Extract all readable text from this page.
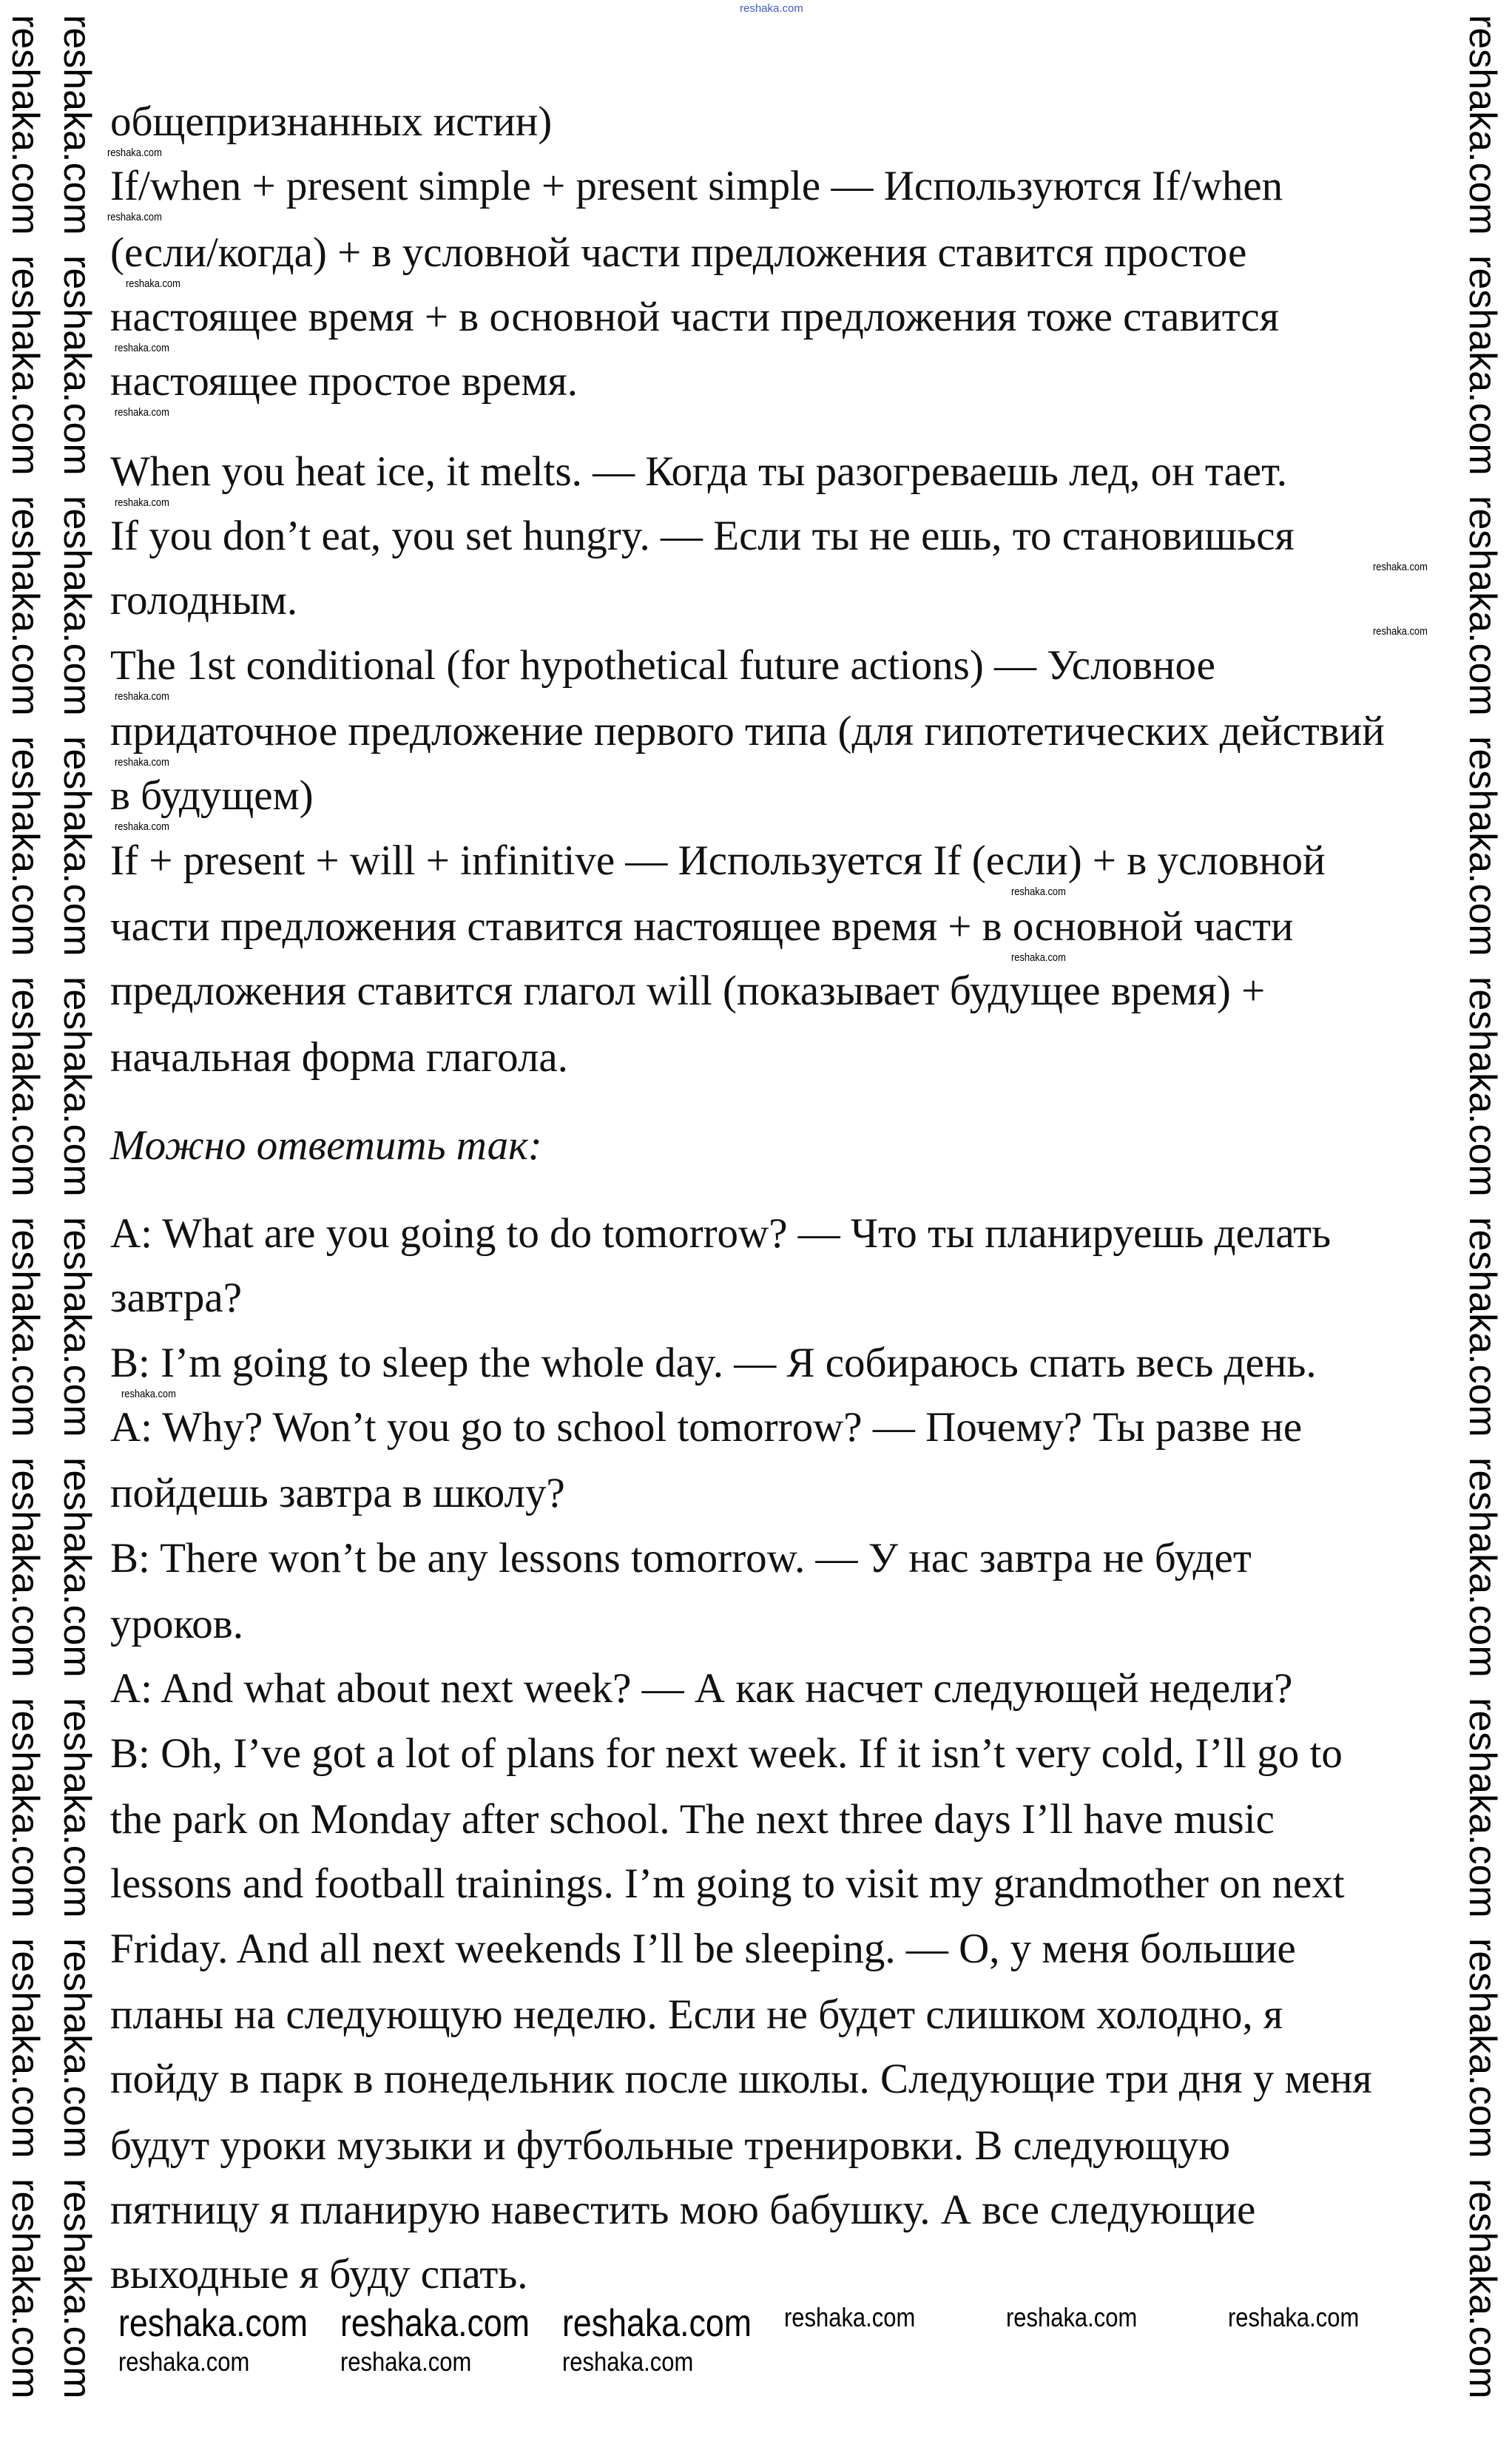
общепризнанных истин)
If/when + present simple + present simple — Используются If/when
(если/когда) + в условной части предложения ставится простое
настоящее время + в основной части предложения тоже ставится
настоящее простое время.
When you heat ice, it melts. — Когда ты разогреваешь лед, он тает.
If you don’t eat, you set hungry. — Если ты не ешь, то становишься
голодным.
The 1st conditional (for hypothetical future actions) — Условное
придаточное предложение первого типа (для гипотетических действий
в будущем)
If + present + will + infinitive — Используется If (если) + в условной
части предложения ставится настоящее время + в основной части
предложения ставится глагол will (показывает будущее время) +
начальная форма глагола.
Можно ответить так:
A: What are you going to do tomorrow? — Что ты планируешь делать
завтра?
B: I’m going to sleep the whole day. — Я собираюсь спать весь день.
A: Why? Won’t you go to school tomorrow? — Почему? Ты разве не
пойдешь завтра в школу?
B: There won’t be any lessons tomorrow. — У нас завтра не будет
уроков.
A: And what about next week? — А как насчет следующей недели?
B: Oh, I’ve got a lot of plans for next week. If it isn’t very cold, I’ll go to
the park on Monday after school. The next three days I’ll have music
lessons and football trainings. I’m going to visit my grandmother on next
Friday. And all next weekends I’ll be sleeping. — О, у меня большие
планы на следующую неделю. Если не будет слишком холодно, я
пойду в парк в понедельник после школы. Следующие три дня у меня
будут уроки музыки и футбольные тренировки. В следующую
пятницу я планирую навестить мою бабушку. А все следующие
выходные я буду спать.
reshaka.com
reshaka.com
reshaka.com
reshaka.com
reshaka.com
reshaka.com
reshaka.com
reshaka.com
reshaka.com
reshaka.com
reshaka.com
reshaka.com
reshaka.com
reshaka.com
reshaka.com
reshaka.com
reshaka.com
reshaka.com
reshaka.com
reshaka.com
reshaka.com
reshaka.com
reshaka.com
reshaka.com
reshaka.com
reshaka.com
reshaka.com
reshaka.com
reshaka.com
reshaka.com
reshaka.com
reshaka.com reshaka.com reshaka.com reshaka.com	reshaka.com	reshaka.com
reshaka.com	reshaka.com	reshaka.com
reshaka.com
reshaka.com
reshaka.com
reshaka.com
reshaka.com
reshaka.com
reshaka.com
reshaka.com
reshaka.com
reshaka.com
reshaka.com
reshaka.com
reshaka.com
reshaka.com
